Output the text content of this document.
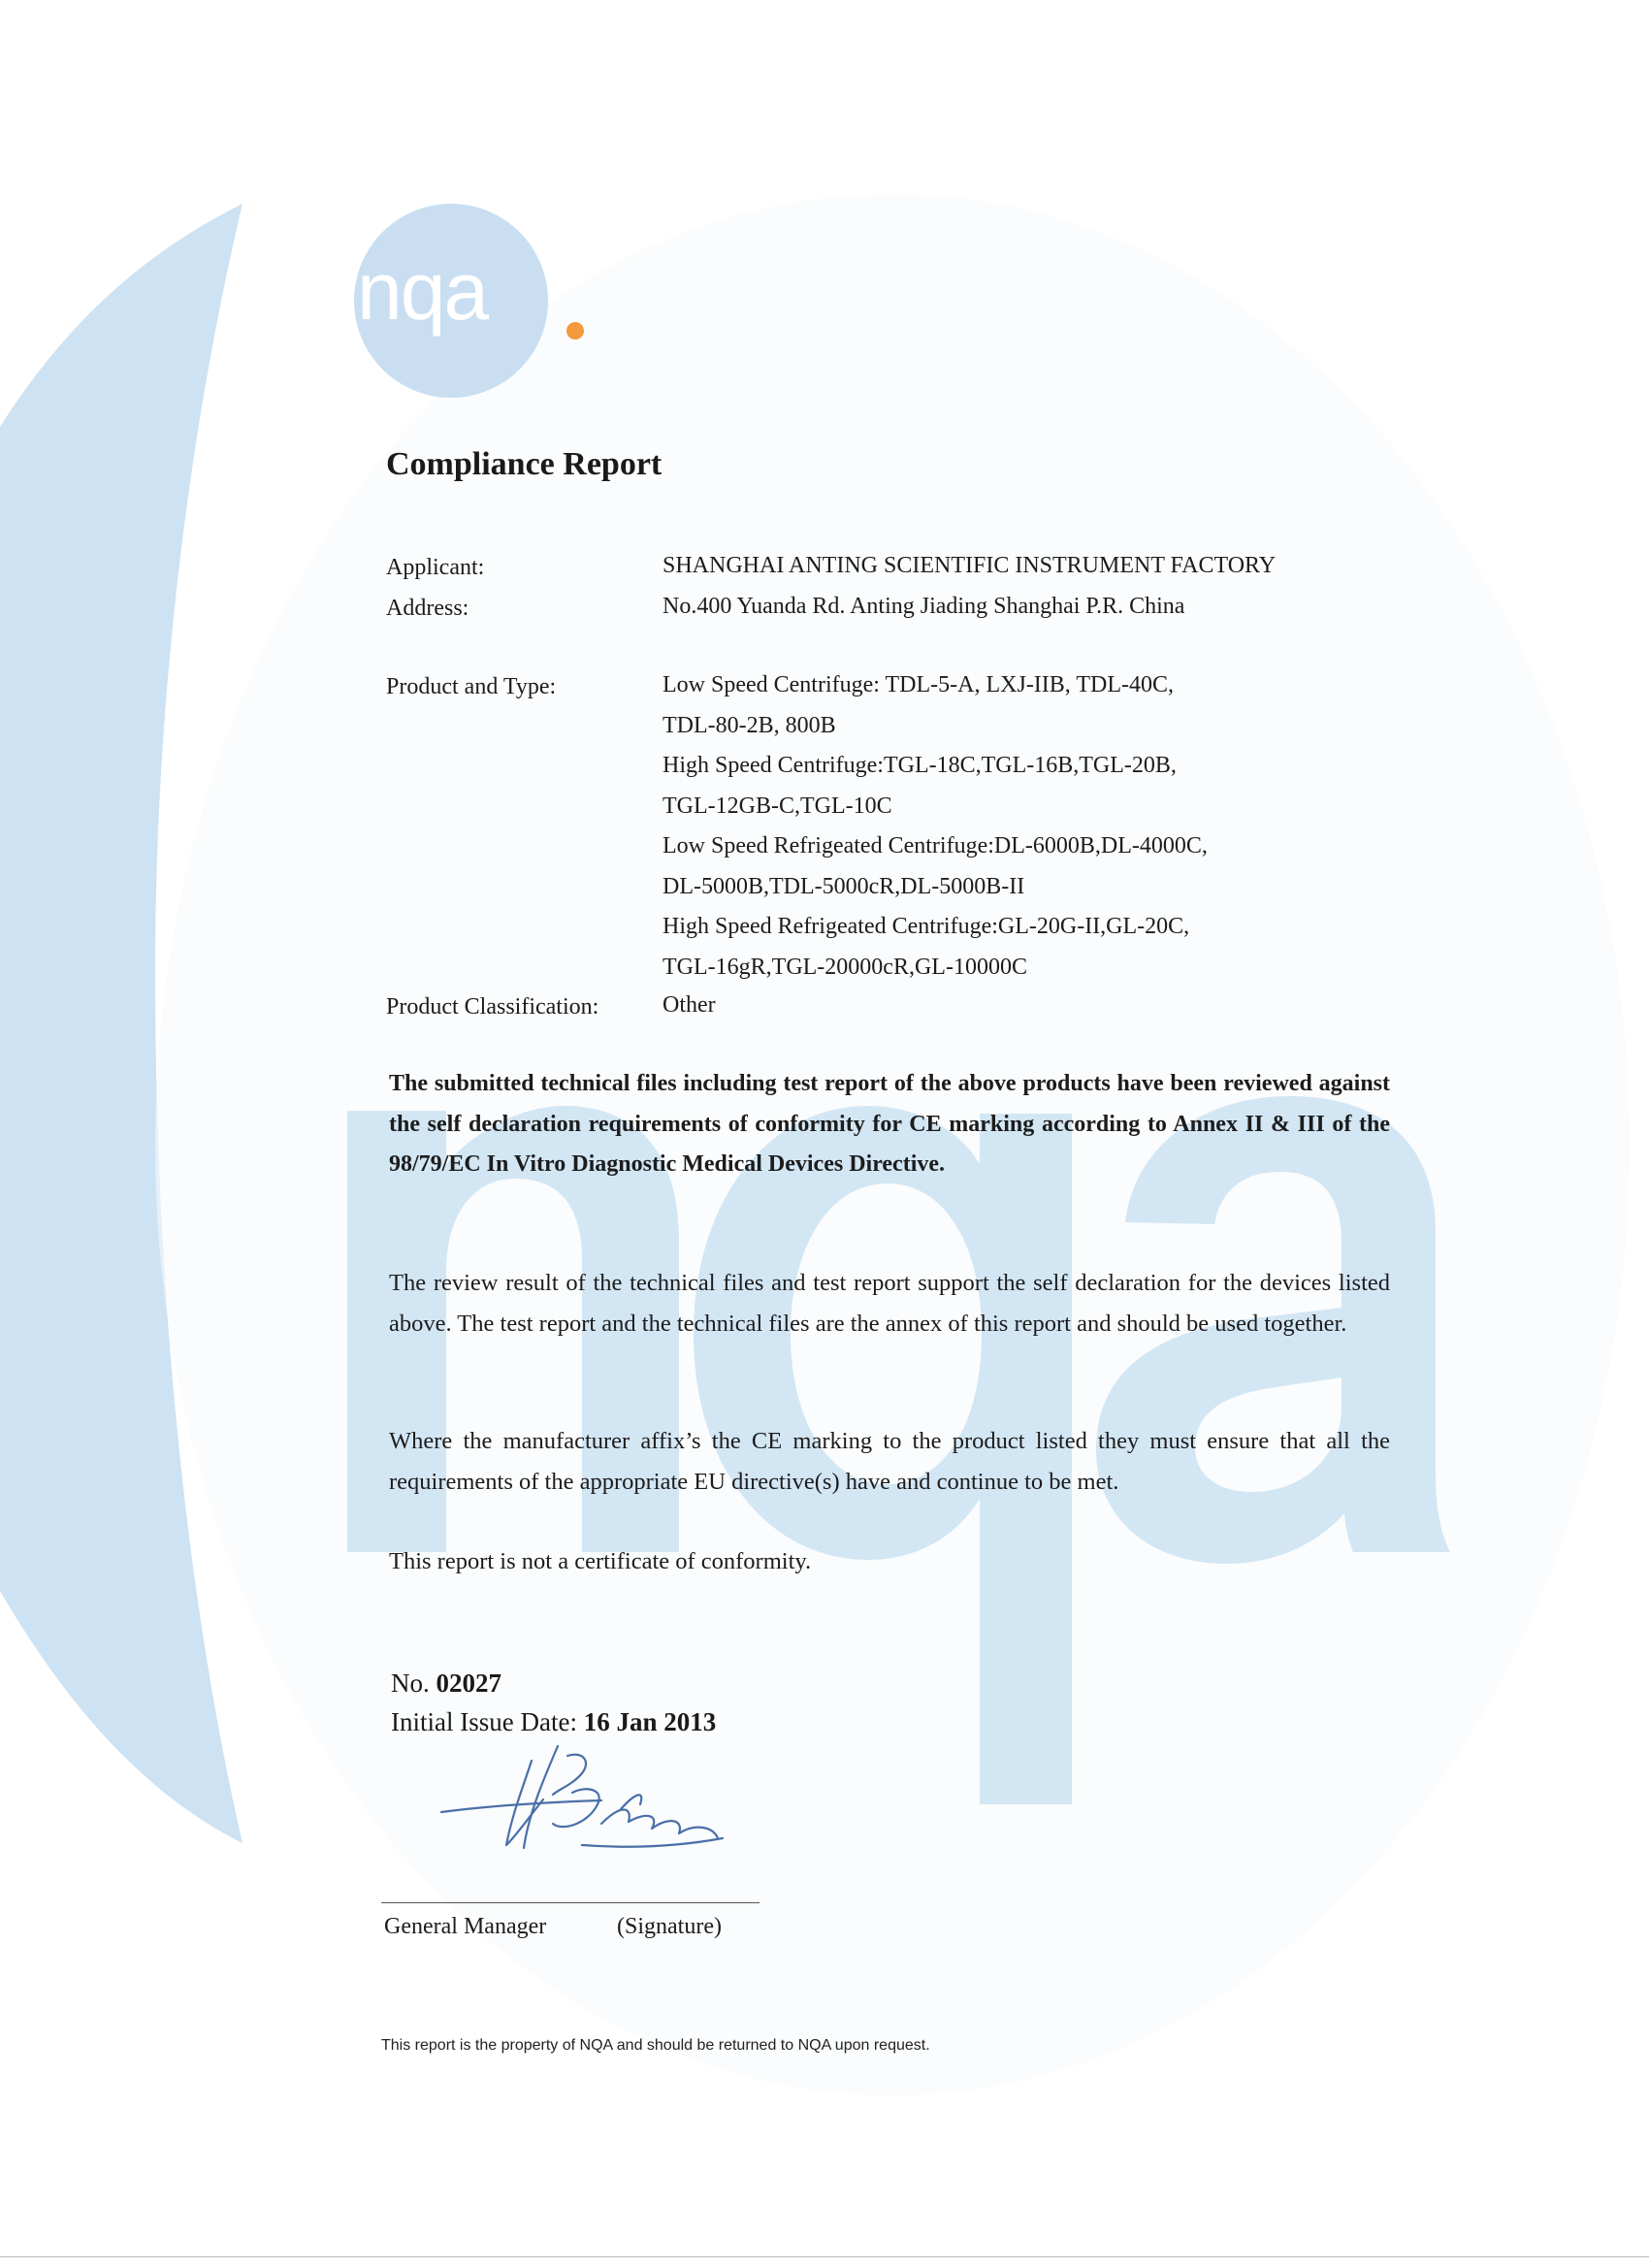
nqa
Compliance Report
Applicant:	SHANGHAI ANTING SCIENTIFIC INSTRUMENT FACTORY
Address:	No.400 Yuanda Rd. Anting Jiading Shanghai P.R. China
Product and Type:	Low Speed Centrifuge: TDL-5-A, LXJ-IIB, TDL-40C,
TDL-80-2B, 800B
High Speed Centrifuge:TGL-18C,TGL-16B,TGL-20B,
TGL-12GB-C,TGL-10C
Low Speed Refrigeated Centrifuge:DL-6000B,DL-4000C,
DL-5000B,TDL-5000cR,DL-5000B-II
High Speed Refrigeated Centrifuge:GL-20G-II,GL-20C,
TGL-16gR,TGL-20000cR,GL-10000C
Product Classification:	Other
The submitted technical files including test report of the above products have been reviewed against the self declaration requirements of conformity for CE marking according to Annex II & III of the 98/79/EC In Vitro Diagnostic Medical Devices Directive.
The review result of the technical files and test report support the self declaration for the devices listed above. The test report and the technical files are the annex of this report and should be used together.
Where the manufacturer affix’s the CE marking to the product listed they must ensure that all the requirements of the appropriate EU directive(s) have and continue to be met.
This report is not a certificate of conformity.
No. 02027
Initial Issue Date: 16 Jan 2013
General Manager	(Signature)
This report is the property of NQA and should be returned to NQA upon request.
